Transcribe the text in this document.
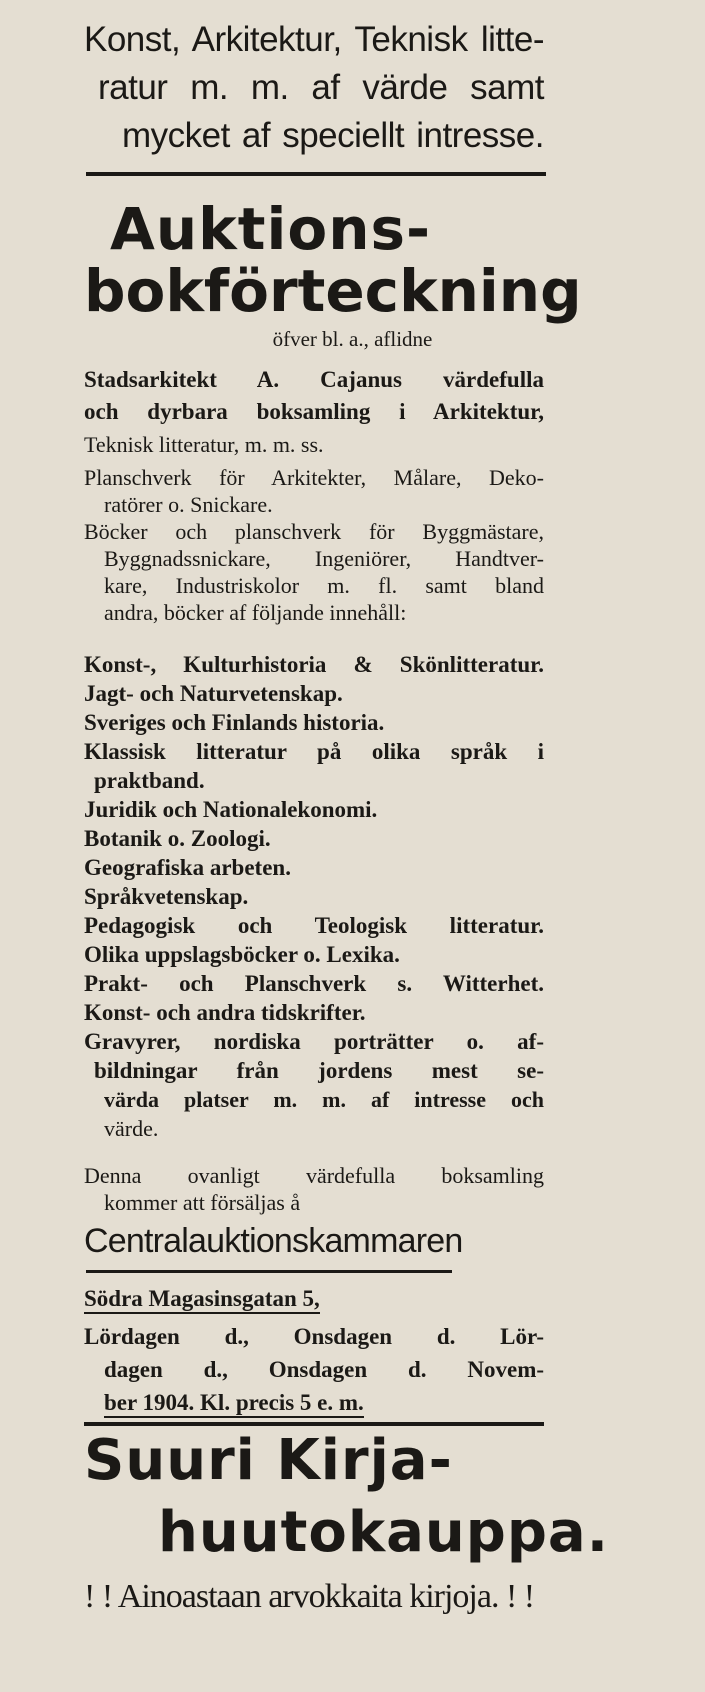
Konst, Arkitektur, Teknisk litte-
ratur m. m. af värde samt
mycket af speciellt intresse.
Auktions-
bokförteckning
öfver bl. a., aflidne
Stadsarkitekt A. Cajanus värdefulla
och dyrbara boksamling i Arkitektur,
Teknisk litteratur, m. m. ss.
Planschverk för Arkitekter, Målare, Deko-
ratörer o. Snickare.
Böcker och planschverk för Byggmästare,
Byggnadssnickare, Ingeniörer, Handtver-
kare, Industriskolor m. fl. samt bland
andra, böcker af följande innehåll:
Konst-, Kulturhistoria & Skönlitteratur.
Jagt- och Naturvetenskap.
Sveriges och Finlands historia.
Klassisk litteratur på olika språk i
praktband.
Juridik och Nationalekonomi.
Botanik o. Zoologi.
Geografiska arbeten.
Språkvetenskap.
Pedagogisk och Teologisk litteratur.
Olika uppslagsböcker o. Lexika.
Prakt- och Planschverk s. Witterhet.
Konst- och andra tidskrifter.
Gravyrer, nordiska porträtter o. af-
bildningar från jordens mest se-
värda platser m. m. af intresse och
värde.
Denna ovanligt värdefulla boksamling
kommer att försäljas å
Centralauktionskammaren
Södra Magasinsgatan 5,
Lördagen d., Onsdagen d. Lör-
dagen d., Onsdagen d. Novem-
ber 1904. Kl. precis 5 e. m.
Suuri Kirja-
huutokauppa.
! ! Ainoastaan arvokkaita kirjoja. ! !
